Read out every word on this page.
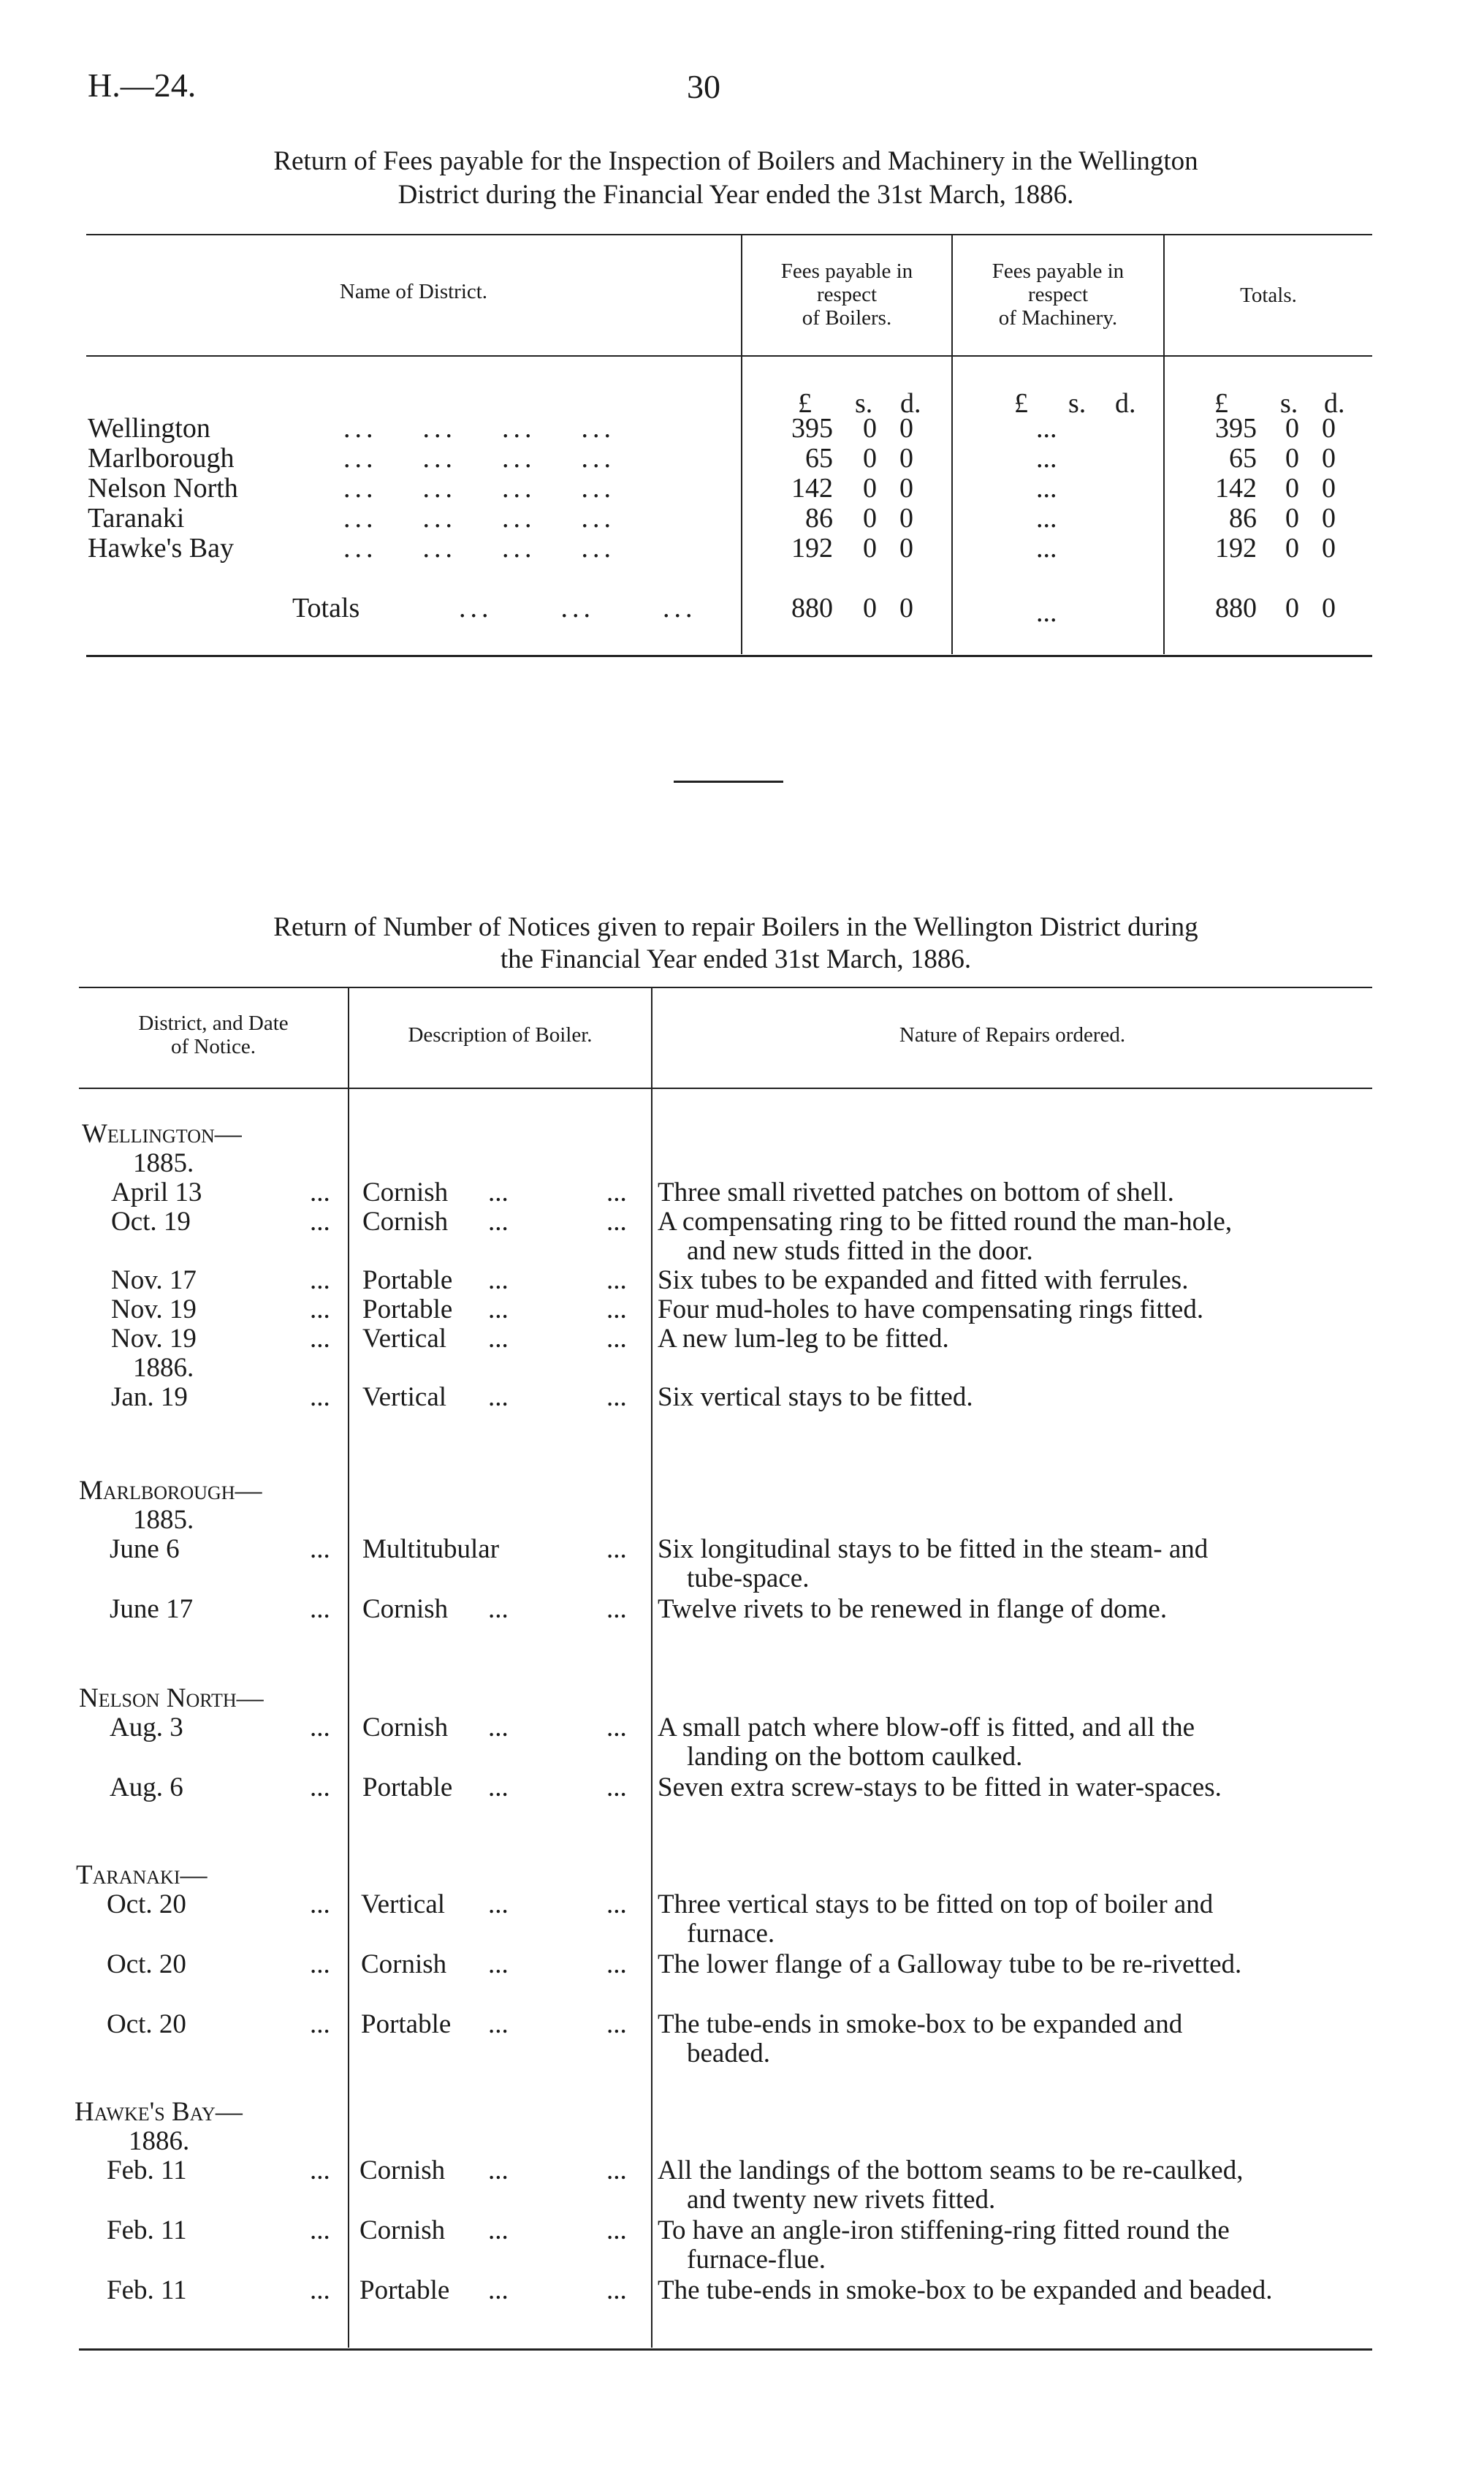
H.—24.	30
Return of Fees payable for the Inspection of Boilers and Machinery in the Wellington
District during the Financial Year ended the 31st March, 1886.
Name of District.
Fees payable in
respect
of Boilers.
Fees payable in
respect
of Machinery.
Totals.
£ s. d.	£ s. d.	£ s. d.
Wellington	...    ...    ...    ...	395	0 0	...	395	0 0
Marlborough	...    ...    ...    ...	65	0 0	...	65	0 0
Nelson North	...    ...    ...    ...	142	0 0	...	142	0 0
Taranaki	...    ...    ...    ...	86	0 0	...	86	0 0
Hawke's Bay	...    ...    ...    ...	192	0 0	...	192	0 0
Totals	...      ...      ...	880	0 0	...	880	0 0
Return of Number of Notices given to repair Boilers in the Wellington District during
the Financial Year ended 31st March, 1886.
District, and Date
of Notice.	Description of Boiler.	Nature of Repairs ordered.
Wellington—
1885.
April 13	... Cornish ...	... Three small rivetted patches on bottom of shell.
Oct. 19	... Cornish ...	... A compensating ring to be fitted round the man-hole,
and new studs fitted in the door.
Nov. 17	... Portable ...	... Six tubes to be expanded and fitted with ferrules.
Nov. 19	... Portable ...	... Four mud-holes to have compensating rings fitted.
Nov. 19	... Vertical ...	... A new lum-leg to be fitted.
1886.
Jan. 19	... Vertical ...	... Six vertical stays to be fitted.
Marlborough—
1885.
June 6	... Multitubular	... Six longitudinal stays to be fitted in the steam- and
tube-space.
June 17	... Cornish ...	... Twelve rivets to be renewed in flange of dome.
Nelson North—
Aug. 3	... Cornish ...	... A small patch where blow-off is fitted, and all the
landing on the bottom caulked.
Aug. 6	... Portable ...	... Seven extra screw-stays to be fitted in water-spaces.
Taranaki—
Oct. 20	... Vertical ...	... Three vertical stays to be fitted on top of boiler and
furnace.
Oct. 20	... Cornish ...	... The lower flange of a Galloway tube to be re-rivetted.
Oct. 20	... Portable ...	... The tube-ends in smoke-box to be expanded and
beaded.
Hawke's Bay—
1886.
Feb. 11	... Cornish ...	... All the landings of the bottom seams to be re-caulked,
and twenty new rivets fitted.
Feb. 11	... Cornish ...	... To have an angle-iron stiffening-ring fitted round the
furnace-flue.
Feb. 11	... Portable ...	... The tube-ends in smoke-box to be expanded and beaded.
